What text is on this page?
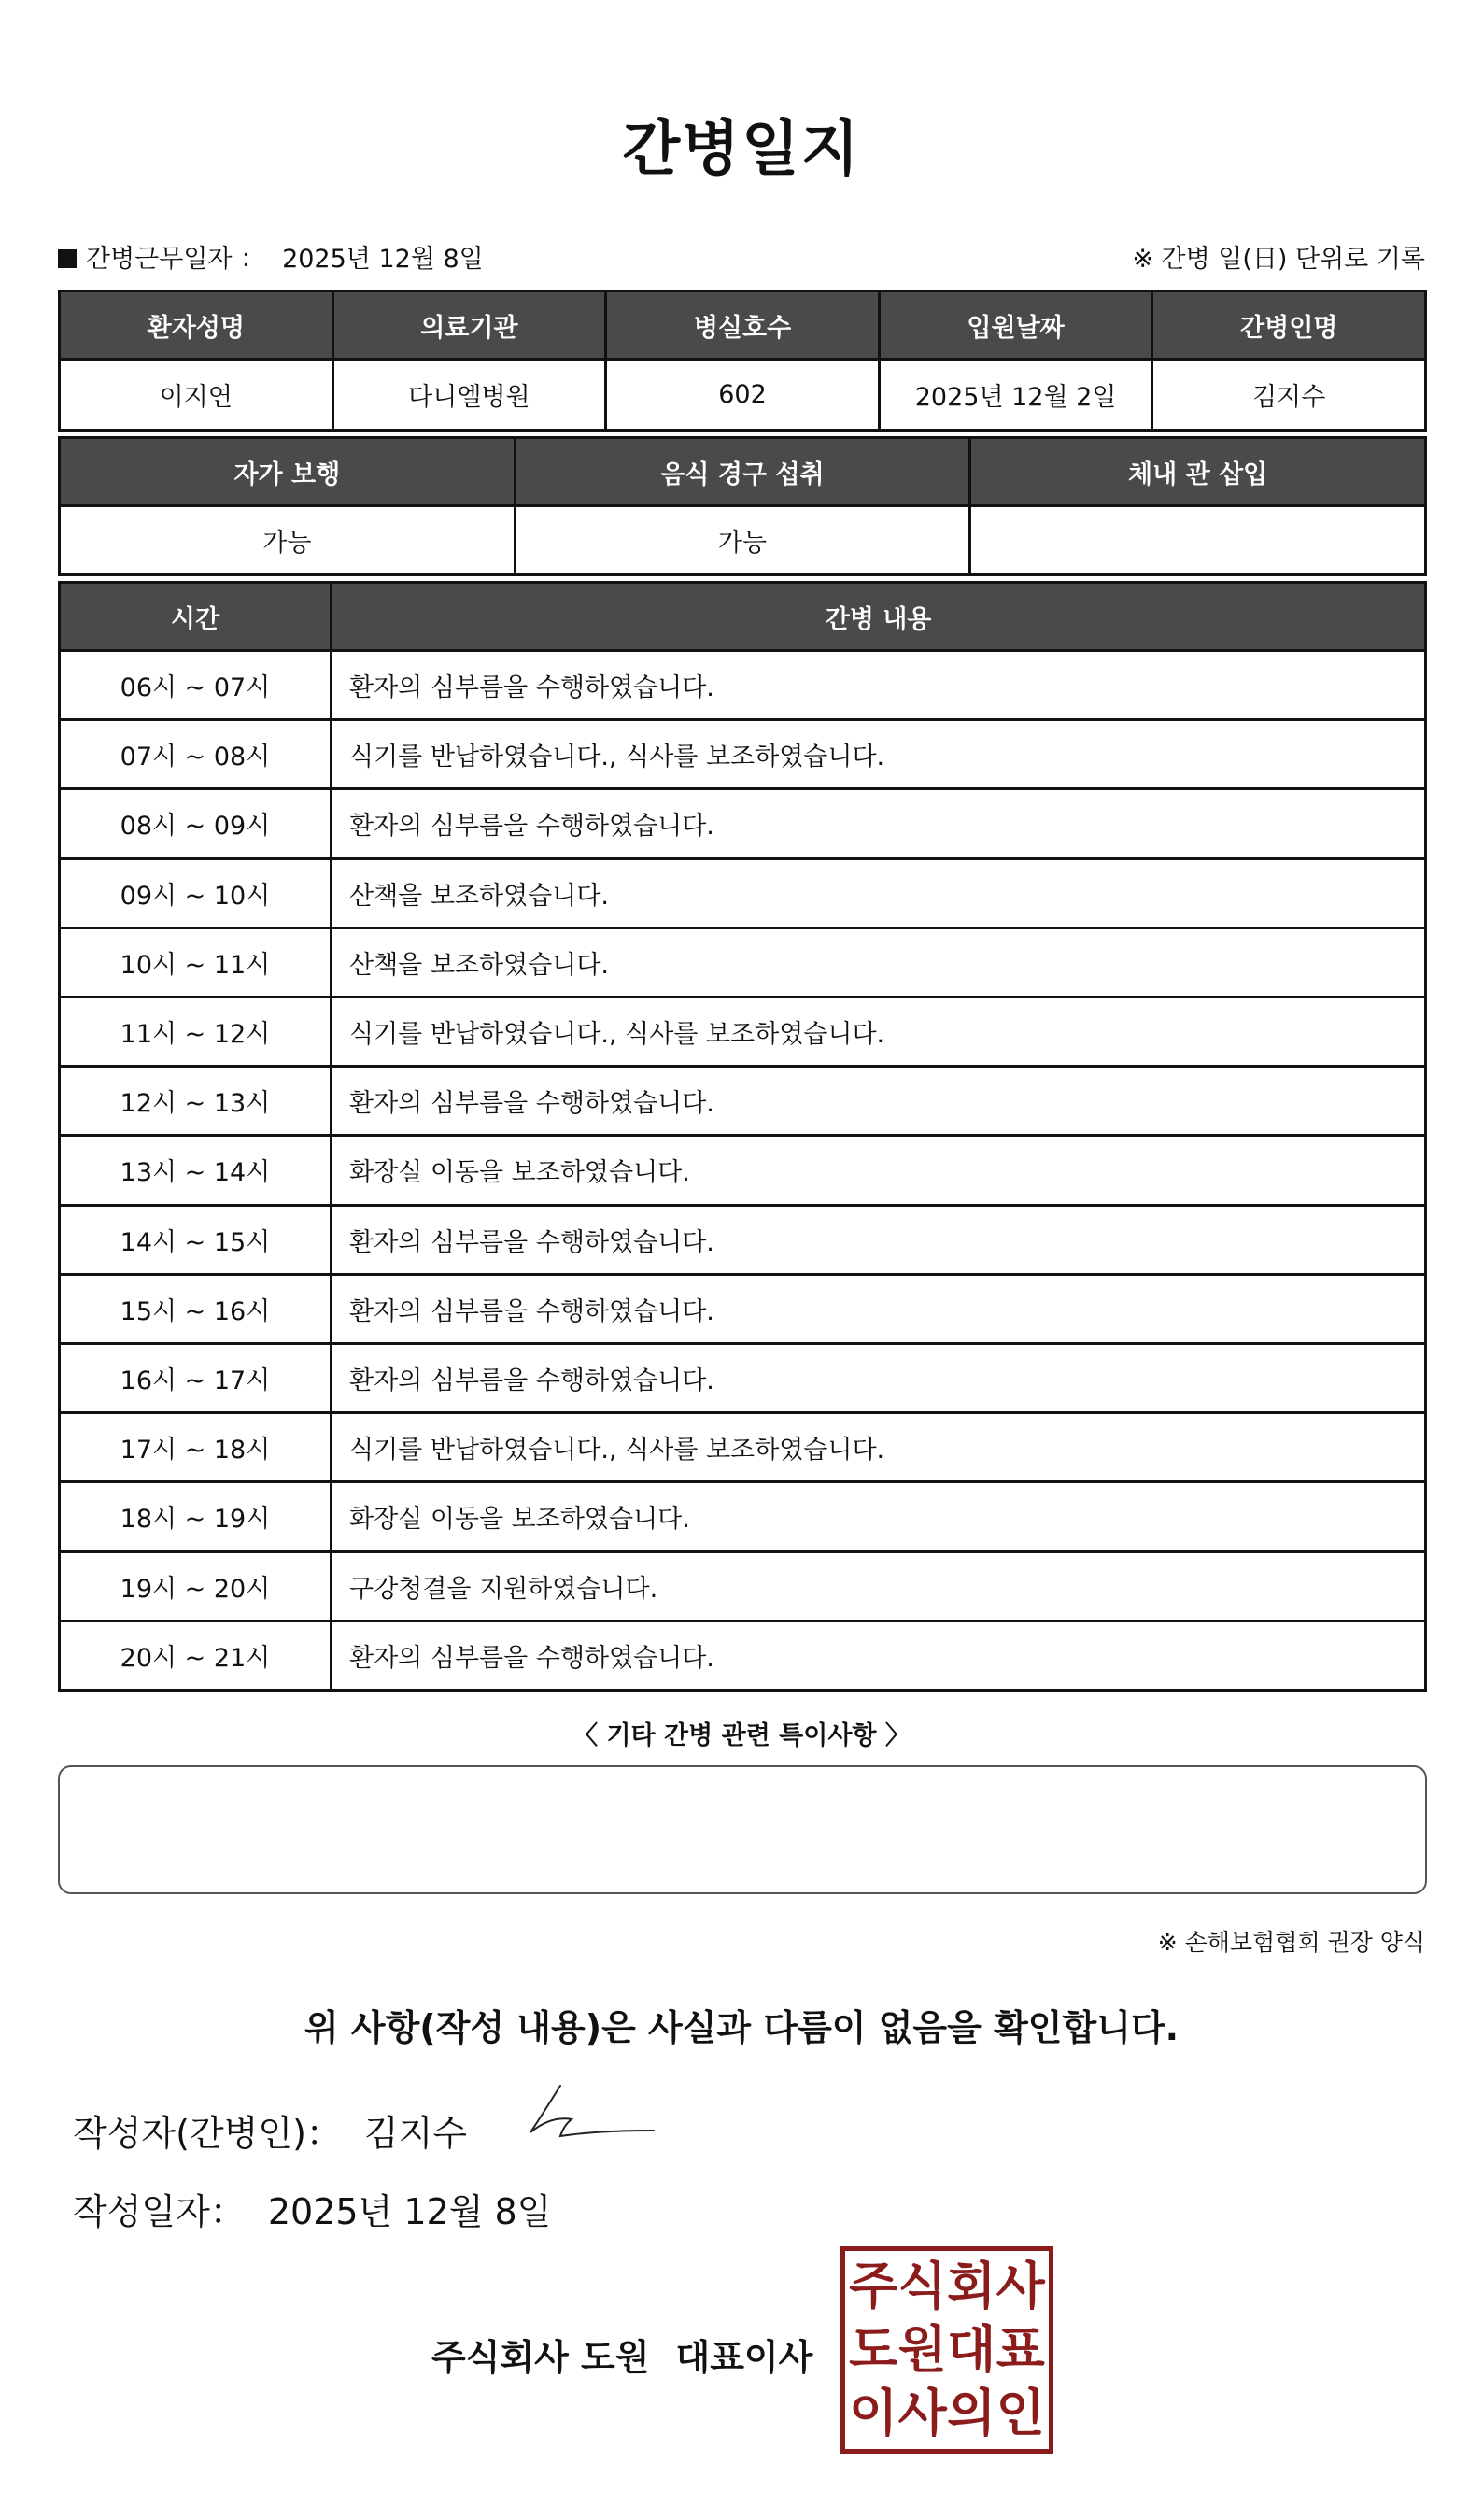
간병일지
간병근무일자 ： 2025년 12월 8일	※ 간병 일(日) 단위로 기록
환자성명	의료기관	병실호수	입원날짜	간병인명
이지연	다니엘병원	602	2025년 12월 2일	김지수
자가 보행	음식 경구 섭취	체내 관 삽입
가능	가능
시간	간병 내용
06시 ~ 07시	환자의 심부름을 수행하였습니다.
07시 ~ 08시	식기를 반납하였습니다., 식사를 보조하였습니다.
08시 ~ 09시	환자의 심부름을 수행하였습니다.
09시 ~ 10시	산책을 보조하였습니다.
10시 ~ 11시	산책을 보조하였습니다.
11시 ~ 12시	식기를 반납하였습니다., 식사를 보조하였습니다.
12시 ~ 13시	환자의 심부름을 수행하였습니다.
13시 ~ 14시	화장실 이동을 보조하였습니다.
14시 ~ 15시	환자의 심부름을 수행하였습니다.
15시 ~ 16시	환자의 심부름을 수행하였습니다.
16시 ~ 17시	환자의 심부름을 수행하였습니다.
17시 ~ 18시	식기를 반납하였습니다., 식사를 보조하였습니다.
18시 ~ 19시	화장실 이동을 보조하였습니다.
19시 ~ 20시	구강청결을 지원하였습니다.
20시 ~ 21시	환자의 심부름을 수행하였습니다.
〈 기타 간병 관련 특이사항 〉
※ 손해보험협회 권장 양식
위 사항(작성 내용)은 사실과 다름이 없음을 확인합니다.
작성자(간병인)： 김지수
작성일자： 2025년 12월 8일
주식회사 도원 대표이사
주 식 회 사
도 원 대 표
이 사 의 인
